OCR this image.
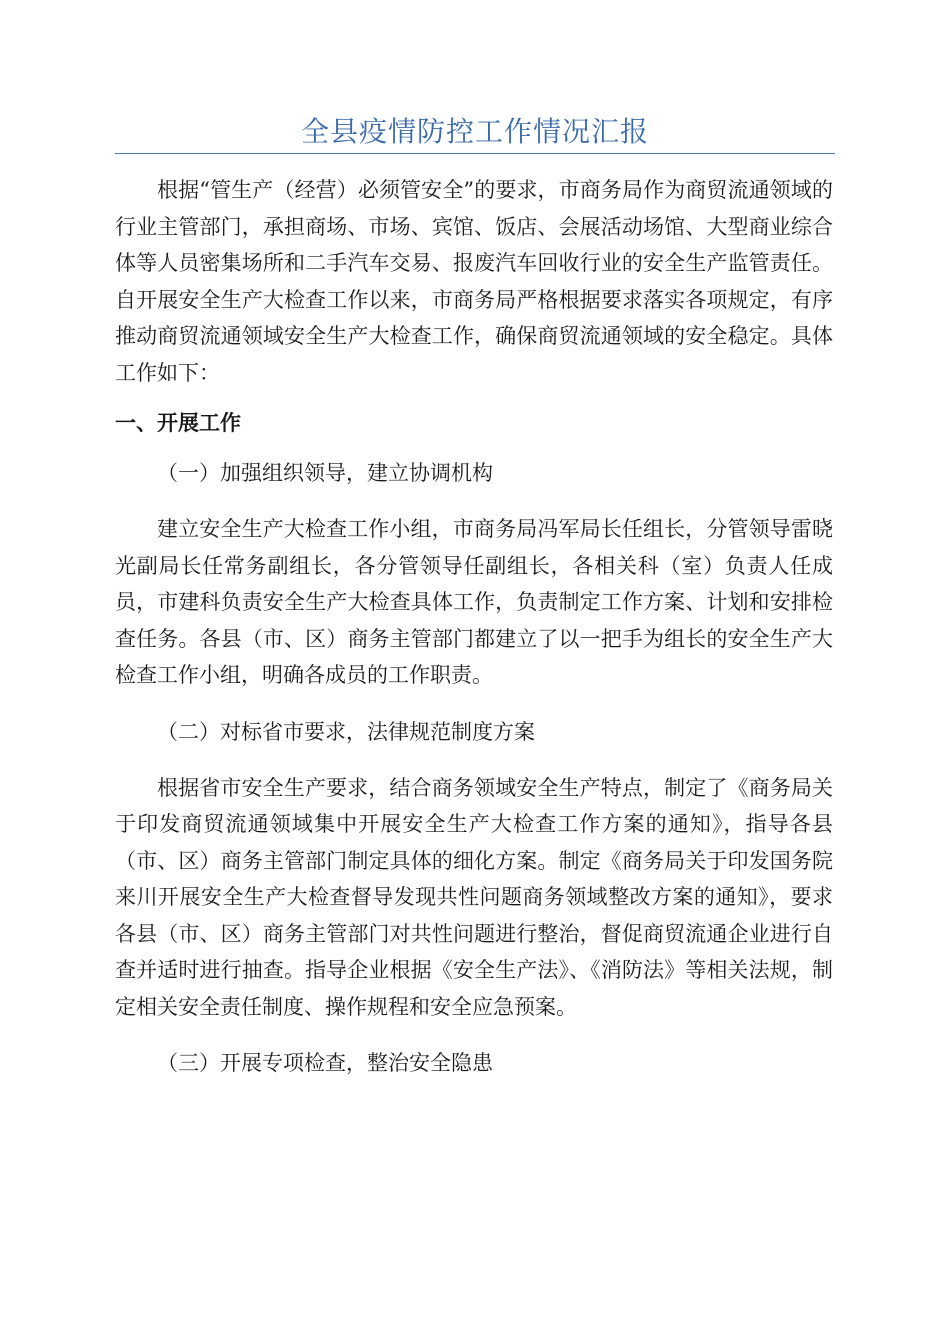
全县疫情防控工作情况汇报

根据“管生产（经营）必须管安全”的要求，市商务局作为商贸流通领域的行业主管部门，承担商场、市场、宾馆、饭店、会展活动场馆、大型商业综合体等人员密集场所和二手汽车交易、报废汽车回收行业的安全生产监管责任。自开展安全生产大检查工作以来，市商务局严格根据要求落实各项规定，有序推动商贸流通领域安全生产大检查工作，确保商贸流通领域的安全稳定。具体工作如下：

一、开展工作

（一）加强组织领导，建立协调机构

建立安全生产大检查工作小组，市商务局冯军局长任组长，分管领导雷晓光副局长任常务副组长，各分管领导任副组长，各相关科（室）负责人任成员，市建科负责安全生产大检查具体工作，负责制定工作方案、计划和安排检查任务。各县（市、区）商务主管部门都建立了以一把手为组长的安全生产大检查工作小组，明确各成员的工作职责。

（二）对标省市要求，法律规范制度方案

根据省市安全生产要求，结合商务领域安全生产特点，制定了《商务局关于印发商贸流通领域集中开展安全生产大检查工作方案的通知》，指导各县（市、区）商务主管部门制定具体的细化方案。制定《商务局关于印发国务院来川开展安全生产大检查督导发现共性问题商务领域整改方案的通知》，要求各县（市、区）商务主管部门对共性问题进行整治，督促商贸流通企业进行自查并适时进行抽查。指导企业根据《安全生产法》、《消防法》等相关法规，制定相关安全责任制度、操作规程和安全应急预案。

（三）开展专项检查，整治安全隐患
